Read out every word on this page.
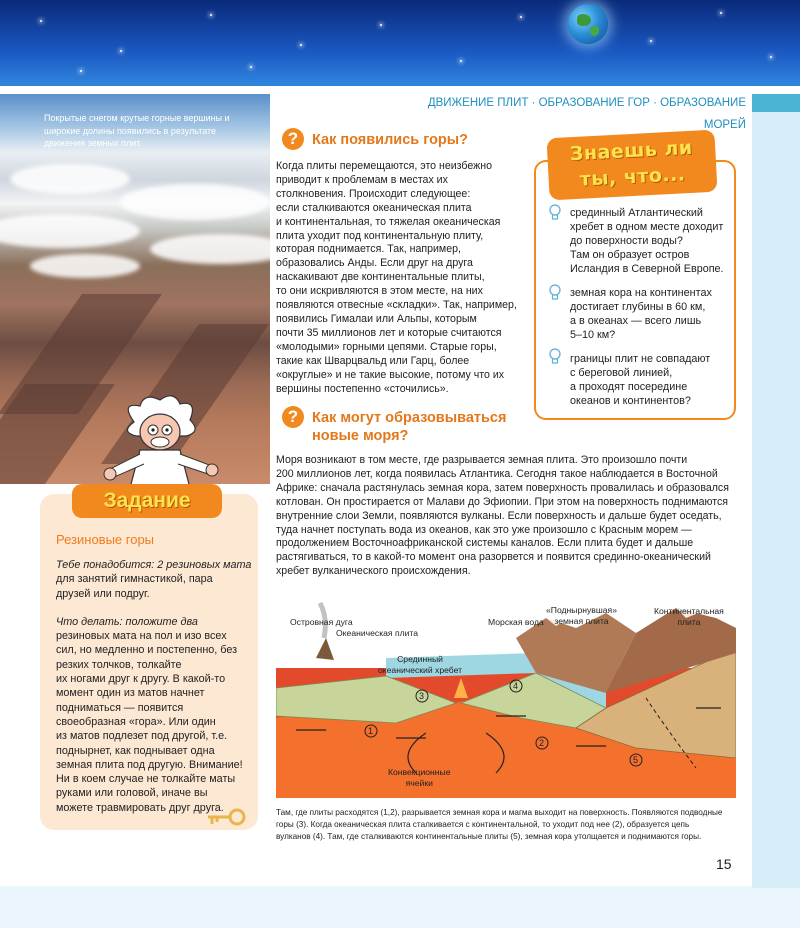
ДВИЖЕНИЕ ПЛИТ · ОБРАЗОВАНИЕ ГОР · ОБРАЗОВАНИЕ МОРЕЙ
Покрытые снегом крутые горные вершины и широкие долины появились в результате движения земных плит.	? Как появились горы?
Когда плиты перемещаются, это неизбежно
приводит к проблемам в местах их
столкновения. Происходит следующее:
если сталкиваются океаническая плита
и континентальная, то тяжелая океаническая
плита уходит под континентальную плиту,
которая поднимается. Так, например,
образовались Анды. Если друг на друга
наскакивают две континентальные плиты,
то они искривляются в этом месте, на них
появляются отвесные «складки». Так, например,
появились Гималаи или Альпы, которым
почти 35 миллионов лет и которые считаются
«молодыми» горными цепями. Старые горы,
такие как Шварцвальд или Гарц, более
«округлые» и не такие высокие, потому что их
вершины постепенно «сточились».
Знаешь ли
ты, что...
срединный Атлантический
хребет в одном месте доходит
до поверхности воды?
Там он образует остров
Исландия в Северной Европе.
земная кора на континентах
достигает глубины в 60 км,
а в океанах — всего лишь
5–10 км?
границы плит не совпадают
с береговой линией,
а проходят посередине
океанов и континентов?
? Как могут образовываться
новые моря?
Моря возникают в том месте, где разрывается земная плита. Это произошло почти
200 миллионов лет, когда появилась Атлантика. Сегодня такое наблюдается в Восточной
Африке: сначала растянулась земная кора, затем поверхность провалилась и образовался
котлован. Он простирается от Малави до Эфиопии. При этом на поверхность поднимаются
внутренние слои Земли, появляются вулканы. Если поверхность и дальше будет оседать,
туда начнет поступать вода из океанов, как это уже произошло с Красным морем —
продолжением Восточноафриканской системы каналов. Если плита будет и дальше
растягиваться, то в какой-то момент она разорвется и появится срединно-океанический
хребет вулканического происхождения.
Задание
Резиновые горы
Тебе понадобится: 2 резиновых мата
для занятий гимнастикой, пара
друзей или подруг.
Что делать: положите два
резиновых мата на пол и изо всех
сил, но медленно и постепенно, без
резких толчков, толкайте
их ногами друг к другу. В какой-то
момент один из матов начнет
подниматься — появится
своеобразная «гора». Или один
из матов подлезет под другой, т.е.
поднырнет, как поднывает одна
земная плита под другую. Внимание!
Ни в коем случае не толкайте маты
руками или головой, иначе вы
можете травмировать друг друга.
1
2
3
4
5
Островная дуга
Океаническая плита
Срединный
океанический хребет
Морская вода
«Поднырнувшая»
земная плита
Континентальная
плита
Конвекционные
ячейки
Там, где плиты расходятся (1,2), разрывается земная кора и магма выходит на поверхность. Появляются подводные
горы (3). Когда океаническая плита сталкивается с континентальной, то уходит под нее (2), образуется цепь
вулканов (4). Там, где сталкиваются континентальные плиты (5), земная кора утолщается и поднимаются горы.
15
